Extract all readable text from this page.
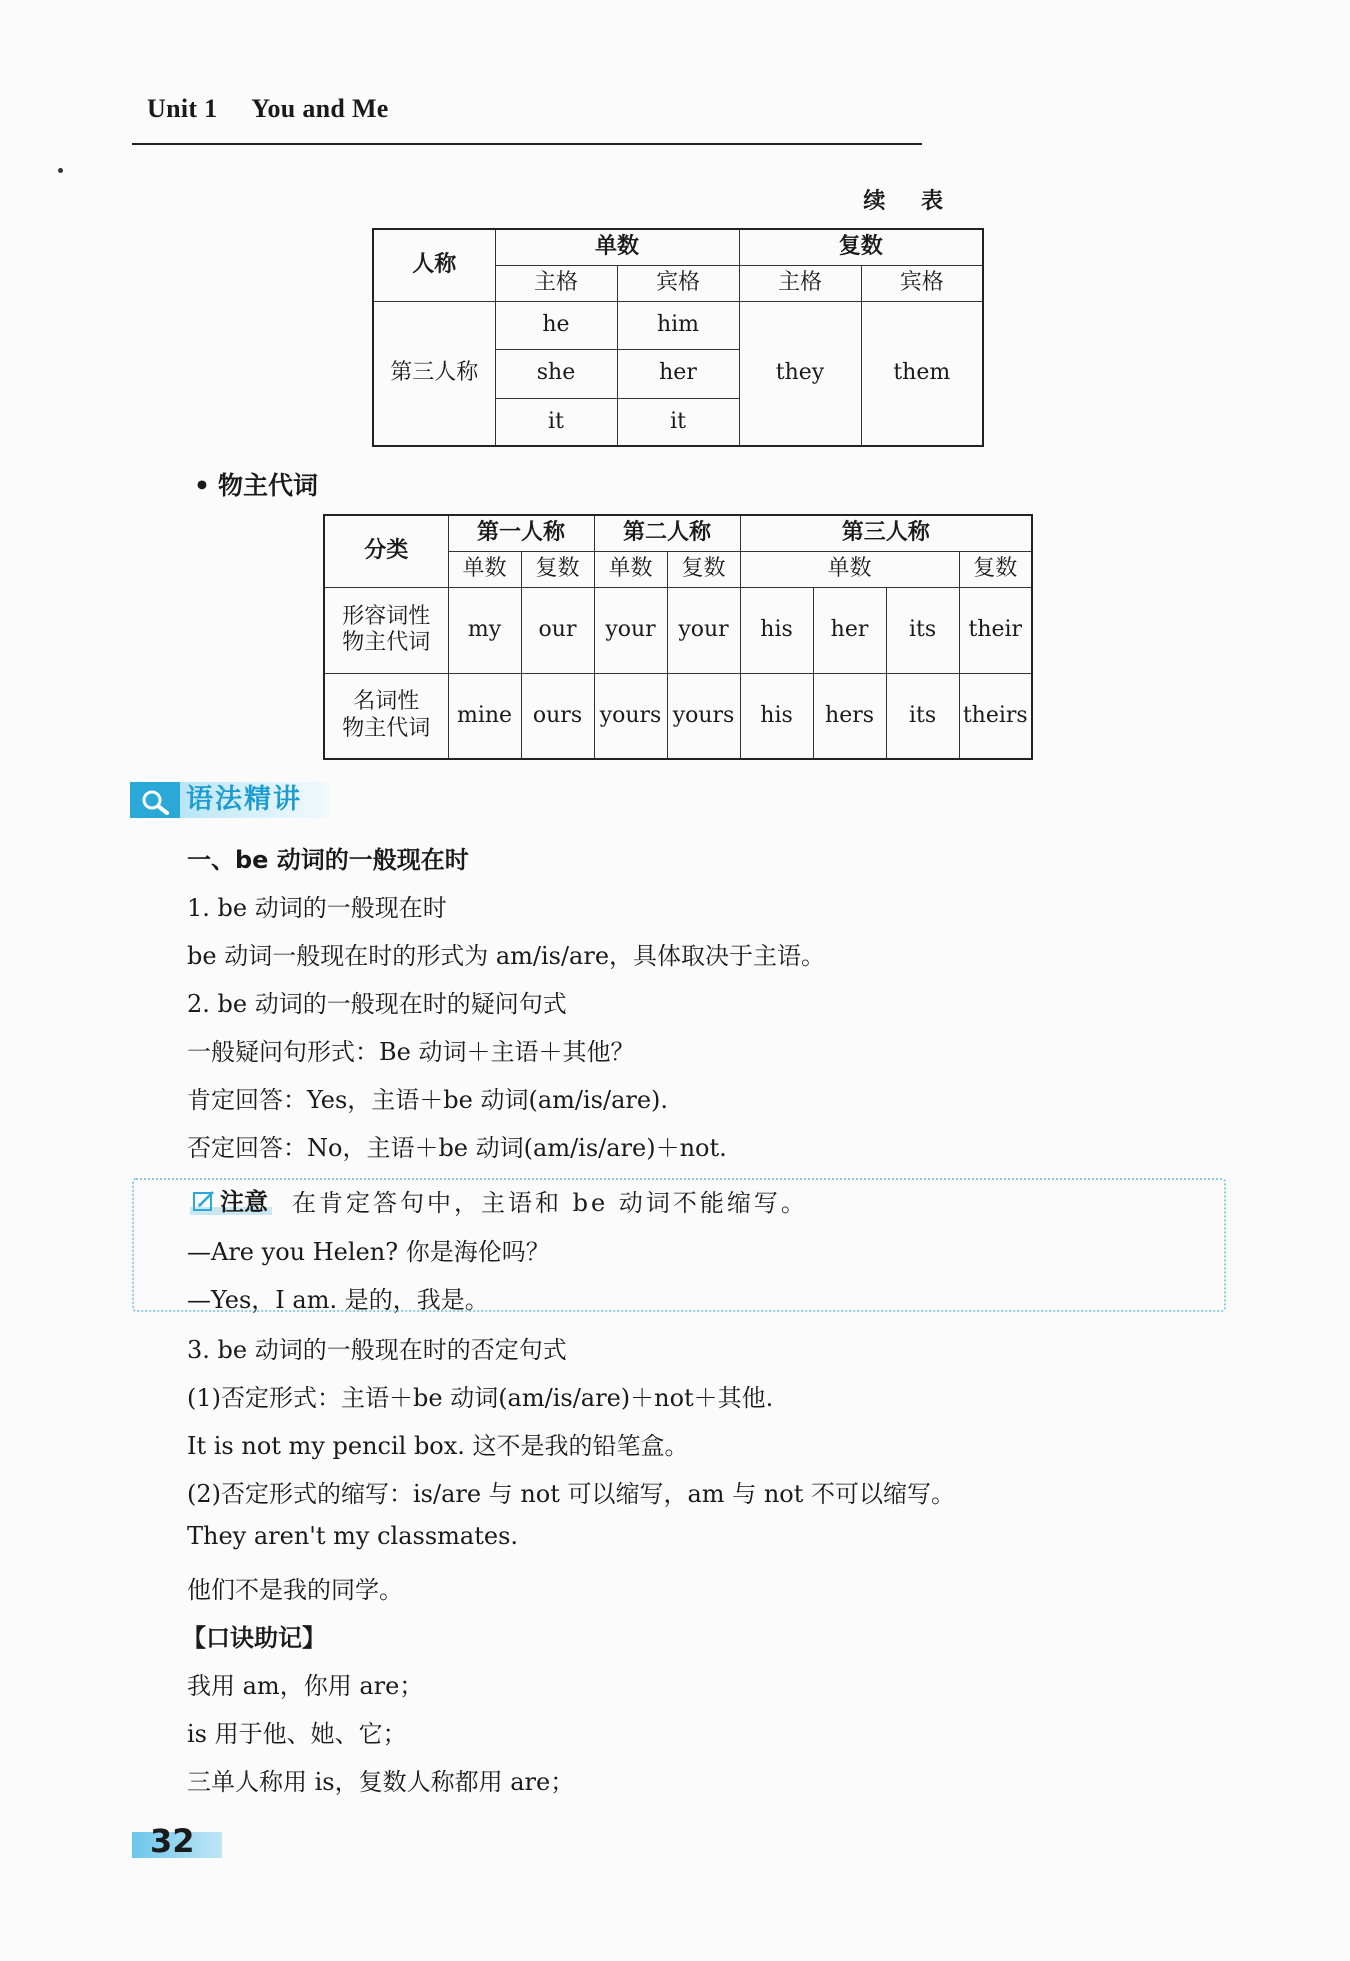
Unit 1 You and Me
续 表
人称	单数		复数	
	主格	宾格	主格	宾格
第三人称	he	him	they	them
	she	her		
	it	it		
• 物主代词
分类	第一人称		第二人称		第三人称			
	单数	复数	单数	复数	单数			复数

形容词性
物主代词	my	our	your	your	his	her	its	their

名词性
物主代词	mine	ours	yours	yours	his	hers	its	theirs
语法精讲
一、be 动词的一般现在时
1. be 动词的一般现在时
be 动词一般现在时的形式为 am/is/are，具体取决于主语。
2. be 动词的一般现在时的疑问句式
一般疑问句形式：Be 动词＋主语＋其他？
肯定回答：Yes，主语＋be 动词(am/is/are).
否定回答：No，主语＋be 动词(am/is/are)＋not.
注意 在肯定答句中，主语和 be 动词不能缩写。
—Are you Helen? 你是海伦吗？
—Yes，I am. 是的，我是。
3. be 动词的一般现在时的否定句式
(1)否定形式：主语＋be 动词(am/is/are)＋not＋其他.
It is not my pencil box. 这不是我的铅笔盒。
(2)否定形式的缩写：is/are 与 not 可以缩写，am 与 not 不可以缩写。
They aren't my classmates.
他们不是我的同学。
【口诀助记】
我用 am，你用 are；
is 用于他、她、它；
三单人称用 is，复数人称都用 are；
32
